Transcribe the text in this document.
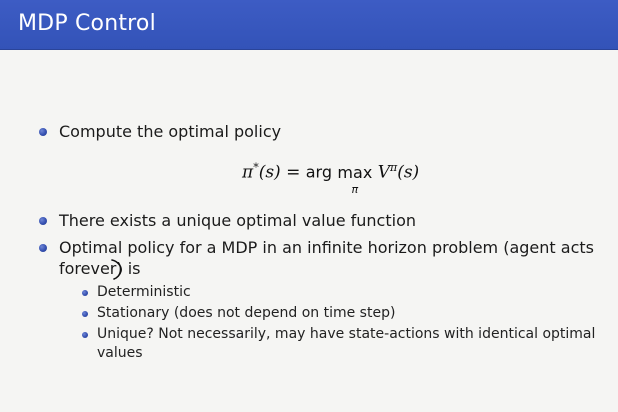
MDP Control
Compute the optimal policy
π*(s) = arg max
π
$V^\pi(s)$
There exists a unique optimal value function
Optimal policy for a MDP in an infinite horizon problem (agent acts
forever) is
Deterministic
Stationary (does not depend on time step)
Unique? Not necessarily, may have state-actions with identical optimal
values
